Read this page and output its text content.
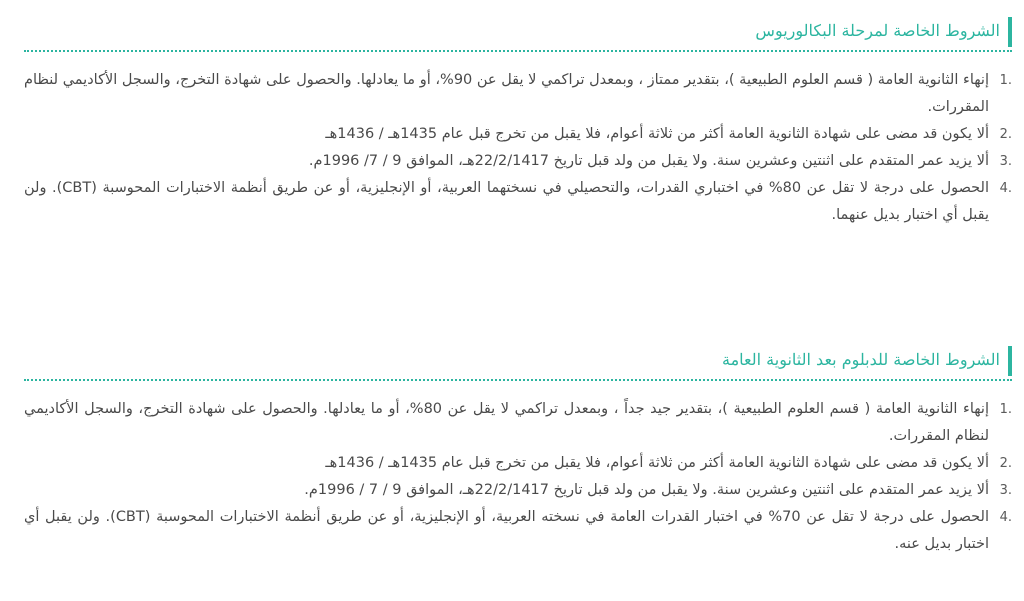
الشروط الخاصة لمرحلة البكالوريوس
1.
إنهاء الثانوية العامة ( قسم العلوم الطبيعية )، بتقدير ممتاز ، وبمعدل تراكمي لا يقل عن 90%، أو ما يعادلها. والحصول على شهادة التخرج، والسجل الأكاديمي لنظام المقررات.
2.
ألا يكون قد مضى على شهادة الثانوية العامة أكثر من ثلاثة أعوام، فلا يقبل من تخرج قبل عام 1435هـ / 1436هـ
3.
ألا يزيد عمر المتقدم على اثنتين وعشرين سنة. ولا يقبل من ولد قبل تاريخ 22/2/1417هـ، الموافق 9 / 7/ 1996م.
4.
الحصول على درجة لا تقل عن 80% في اختباري القدرات، والتحصيلي في نسختهما العربية، أو الإنجليزية، أو عن طريق أنظمة الاختبارات المحوسبة (CBT). ولن يقبل أي اختبار بديل عنهما.
الشروط الخاصة للدبلوم بعد الثانوية العامة
1.
إنهاء الثانوية العامة ( قسم العلوم الطبيعية )، بتقدير جيد جداً ، وبمعدل تراكمي لا يقل عن 80%، أو ما يعادلها. والحصول على شهادة التخرج، والسجل الأكاديمي لنظام المقررات.
2.
ألا يكون قد مضى على شهادة الثانوية العامة أكثر من ثلاثة أعوام، فلا يقبل من تخرج قبل عام 1435هـ / 1436هـ
3.
ألا يزيد عمر المتقدم على اثنتين وعشرين سنة. ولا يقبل من ولد قبل تاريخ 22/2/1417هـ، الموافق 9 / 7 / 1996م.
4.
الحصول على درجة لا تقل عن 70% في اختبار القدرات العامة في نسخته العربية، أو الإنجليزية، أو عن طريق أنظمة الاختبارات المحوسبة (CBT). ولن يقبل أي اختبار بديل عنه.
